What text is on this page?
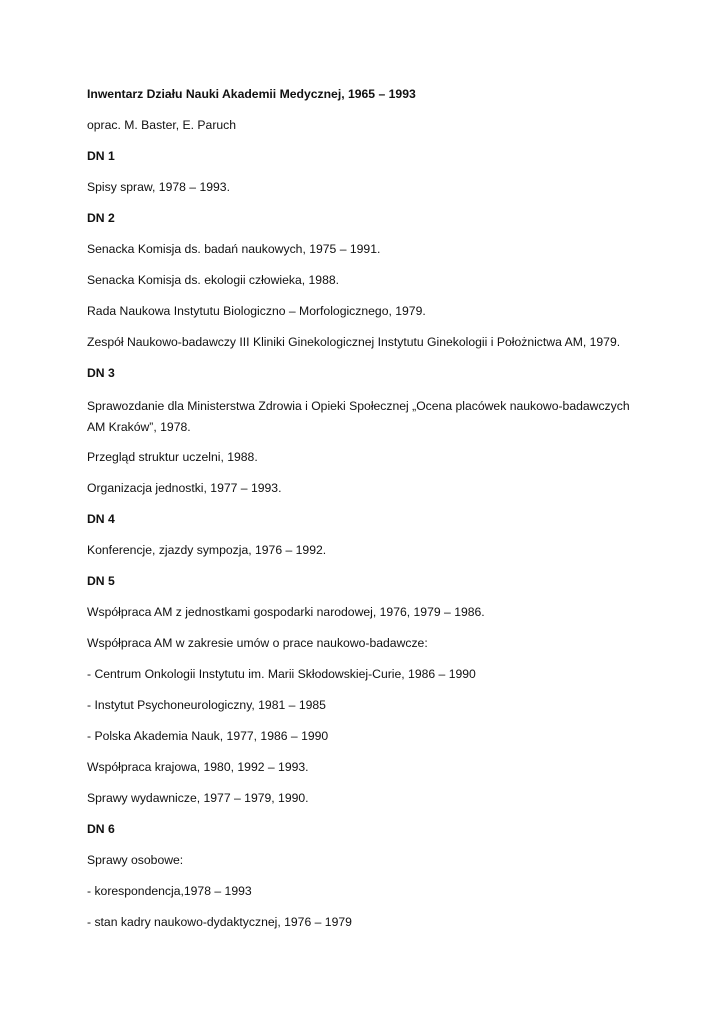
Inwentarz Działu Nauki Akademii Medycznej, 1965 – 1993
oprac. M. Baster, E. Paruch
DN 1
Spisy spraw, 1978 – 1993.
DN 2
Senacka Komisja ds. badań naukowych, 1975 – 1991.
Senacka Komisja ds. ekologii człowieka, 1988.
Rada Naukowa Instytutu Biologiczno – Morfologicznego, 1979.
Zespół Naukowo-badawczy III Kliniki Ginekologicznej Instytutu Ginekologii i Położnictwa AM, 1979.
DN 3
Sprawozdanie dla Ministerstwa Zdrowia i Opieki Społecznej „Ocena placówek naukowo-badawczych AM Kraków”, 1978.
Przegląd struktur uczelni, 1988.
Organizacja jednostki, 1977 – 1993.
DN 4
Konferencje, zjazdy sympozja, 1976 – 1992.
DN 5
Współpraca AM z jednostkami gospodarki narodowej, 1976, 1979 – 1986.
Współpraca AM w zakresie umów o prace naukowo-badawcze:
- Centrum Onkologii Instytutu im. Marii Skłodowskiej-Curie, 1986 – 1990
- Instytut Psychoneurologiczny, 1981 – 1985
- Polska Akademia Nauk, 1977, 1986 – 1990
Współpraca krajowa, 1980, 1992 – 1993.
Sprawy wydawnicze, 1977 – 1979, 1990.
DN 6
Sprawy osobowe:
- korespondencja,1978 – 1993
- stan kadry naukowo-dydaktycznej, 1976 – 1979
